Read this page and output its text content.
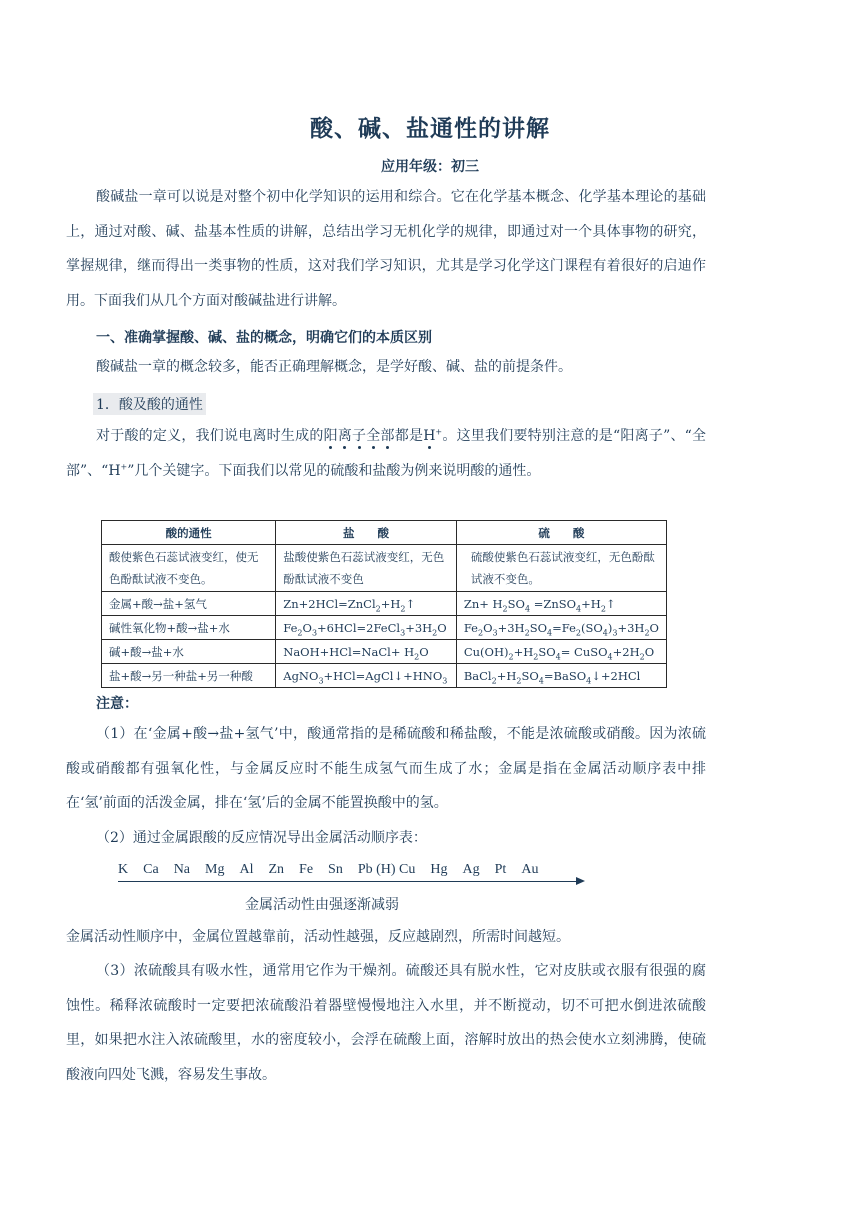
酸、碱、盐通性的讲解
应用年级：初三
酸碱盐一章可以说是对整个初中化学知识的运用和综合。它在化学基本概念、化学基本理论的基础上，通过对酸、碱、盐基本性质的讲解，总结出学习无机化学的规律，即通过对一个具体事物的研究，掌握规律，继而得出一类事物的性质，这对我们学习知识，尤其是学习化学这门课程有着很好的启迪作用。下面我们从几个方面对酸碱盐进行讲解。
一、准确掌握酸、碱、盐的概念，明确它们的本质区别
酸碱盐一章的概念较多，能否正确理解概念，是学好酸、碱、盐的前提条件。
1．酸及酸的通性
对于酸的定义，我们说电离时生成的阳离子全部都是H+。这里我们要特别注意的是“阳离子”、“全部”、“H+”几个关键字。下面我们以常见的硫酸和盐酸为例来说明酸的通性。
酸的通性	盐　　酸	硫　　酸
酸使紫色石蕊试液变红，使无色酚酞试液不变色。	盐酸使紫色石蕊试液变红，无色酚酞试液不变色	硫酸使紫色石蕊试液变红，无色酚酞试液不变色。
金属+酸→盐+氢气	$Zn+2HCl=ZnCl_2+H_2↑$	$Zn+ H_2SO_4$ $=ZnSO_4+H_2↑$
碱性氧化物+酸→盐+水	$Fe_2O_3+6HCl=2FeCl_3+3H_2O$	$Fe_2O_3+3H_2SO_4=Fe_2(SO_4)_3+3H_2O$
碱+酸→盐+水	NaOH+HCl=NaCl+ $H_2O$	$Cu(OH)_2+H_2SO_4=$ $CuSO_4+2H_2O$
盐+酸→另一种盐+另一种酸	$AgNO_3+HCl=AgCl↓+HNO_3$	$BaCl_2+H_2SO_4=BaSO_4↓+2HCl$
注意：
（1）在‘金属+酸→盐+氢气’中，酸通常指的是稀硫酸和稀盐酸，不能是浓硫酸或硝酸。因为浓硫酸或硝酸都有强氧化性，与金属反应时不能生成氢气而生成了水；金属是指在金属活动顺序表中排在‘氢’前面的活泼金属，排在‘氢’后的金属不能置换酸中的氢。
（2）通过金属跟酸的反应情况导出金属活动顺序表：
K Ca Na Mg Al Zn Fe Sn Pb (H) Cu Hg Ag Pt Au
金属活动性由强逐渐减弱
金属活动性顺序中，金属位置越靠前，活动性越强，反应越剧烈，所需时间越短。
（3）浓硫酸具有吸水性，通常用它作为干燥剂。硫酸还具有脱水性，它对皮肤或衣服有很强的腐蚀性。稀释浓硫酸时一定要把浓硫酸沿着器壁慢慢地注入水里，并不断搅动，切不可把水倒进浓硫酸里，如果把水注入浓硫酸里，水的密度较小，会浮在硫酸上面，溶解时放出的热会使水立刻沸腾，使硫酸液向四处飞溅，容易发生事故。
